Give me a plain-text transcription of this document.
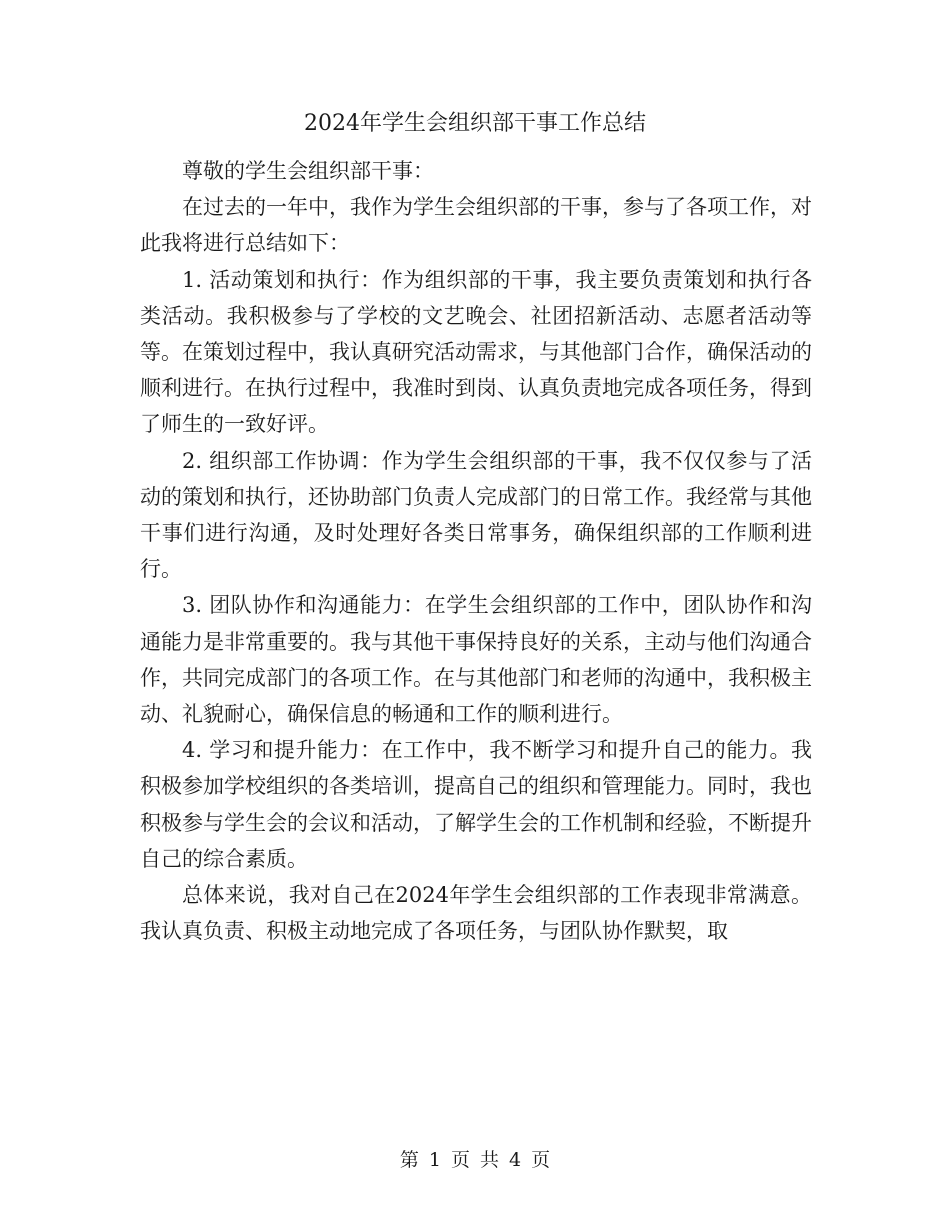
2024年学生会组织部干事工作总结

尊敬的学生会组织部干事：

在过去的一年中，我作为学生会组织部的干事，参与了各项工作，对此我将进行总结如下：

1. 活动策划和执行：作为组织部的干事，我主要负责策划和执行各类活动。我积极参与了学校的文艺晚会、社团招新活动、志愿者活动等等。在策划过程中，我认真研究活动需求，与其他部门合作，确保活动的顺利进行。在执行过程中，我准时到岗、认真负责地完成各项任务，得到了师生的一致好评。

2. 组织部工作协调：作为学生会组织部的干事，我不仅仅参与了活动的策划和执行，还协助部门负责人完成部门的日常工作。我经常与其他干事们进行沟通，及时处理好各类日常事务，确保组织部的工作顺利进行。

3. 团队协作和沟通能力：在学生会组织部的工作中，团队协作和沟通能力是非常重要的。我与其他干事保持良好的关系，主动与他们沟通合作，共同完成部门的各项工作。在与其他部门和老师的沟通中，我积极主动、礼貌耐心，确保信息的畅通和工作的顺利进行。

4. 学习和提升能力：在工作中，我不断学习和提升自己的能力。我积极参加学校组织的各类培训，提高自己的组织和管理能力。同时，我也积极参与学生会的会议和活动，了解学生会的工作机制和经验，不断提升自己的综合素质。

总体来说，我对自己在2024年学生会组织部的工作表现非常满意。我认真负责、积极主动地完成了各项任务，与团队协作默契，取

第 1 页 共 4 页
